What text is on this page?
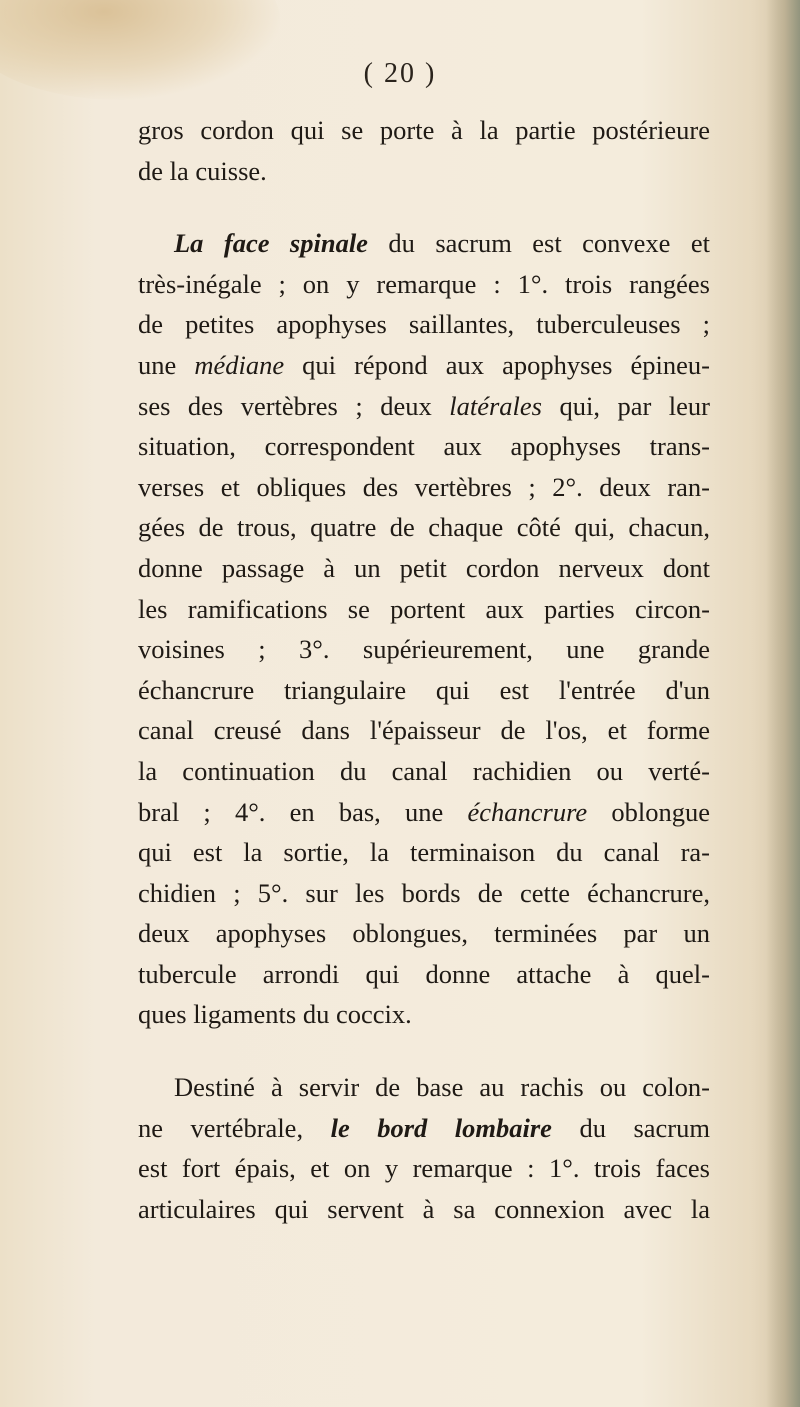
( 20 )
gros cordon qui se porte à la partie postérieure
de la cuisse.
La face spinale du sacrum est convexe et
très-inégale ; on y remarque : 1°. trois rangées
de petites apophyses saillantes, tuberculeuses ;
une médiane qui répond aux apophyses épineu-
ses des vertèbres ; deux latérales qui, par leur
situation, correspondent aux apophyses trans-
verses et obliques des vertèbres ; 2°. deux ran-
gées de trous, quatre de chaque côté qui, chacun,
donne passage à un petit cordon nerveux dont
les ramifications se portent aux parties circon-
voisines ; 3°. supérieurement, une grande
échancrure triangulaire qui est l'entrée d'un
canal creusé dans l'épaisseur de l'os, et forme
la continuation du canal rachidien ou verté-
bral ; 4°. en bas, une échancrure oblongue
qui est la sortie, la terminaison du canal ra-
chidien ; 5°. sur les bords de cette échancrure,
deux apophyses oblongues, terminées par un
tubercule arrondi qui donne attache à quel-
ques ligaments du coccix.
Destiné à servir de base au rachis ou colon-
ne vertébrale, le bord lombaire du sacrum
est fort épais, et on y remarque : 1°. trois faces
articulaires qui servent à sa connexion avec la
